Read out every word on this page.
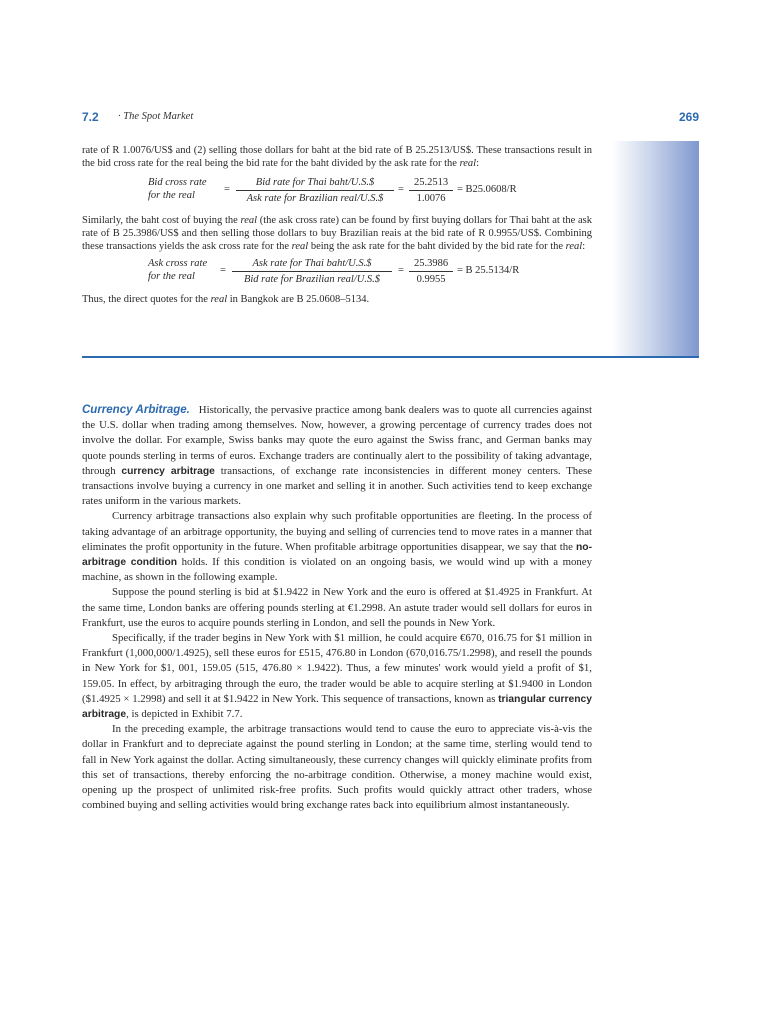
7.2 · The Spot Market	269

rate of R 1.0076/US$ and (2) selling those dollars for baht at the bid rate of B 25.2513/US$. These transactions result in the bid cross rate for the real being the bid rate for the baht divided by the ask rate for the real:

Bid cross rate
for the real
=
Bid rate for Thai baht/U.S.$
Ask rate for Brazilian real/U.S.$
= $\frac{25.2513}{1.0076} = B25.0608/R$

Similarly, the baht cost of buying the real (the ask cross rate) can be found by first buying dollars for Thai baht at the ask rate of B 25.3986/US$ and then selling those dollars to buy Brazilian reais at the bid rate of R 0.9955/US$. Combining these transactions yields the ask cross rate for the real being the ask rate for the baht divided by the bid rate for the real:

Ask cross rate
for the real
=
Ask rate for Thai baht/U.S.$
Bid rate for Brazilian real/U.S.$
= $\frac{25.3986}{0.9955} = B$ 25.5134/R

Thus, the direct quotes for the real in Bangkok are B 25.0608–5134.

Currency Arbitrage. Historically, the pervasive practice among bank dealers was to quote all currencies against the U.S. dollar when trading among themselves. Now, however, a growing percentage of currency trades does not involve the dollar. For example, Swiss banks may quote the euro against the Swiss franc, and German banks may quote pounds sterling in terms of euros. Exchange traders are continually alert to the possibility of taking advantage, through currency arbitrage transactions, of exchange rate inconsistencies in different money centers. These transactions involve buying a currency in one market and selling it in another. Such activities tend to keep exchange rates uniform in the various markets.

Currency arbitrage transactions also explain why such profitable opportunities are fleeting. In the process of taking advantage of an arbitrage opportunity, the buying and selling of currencies tend to move rates in a manner that eliminates the profit opportunity in the future. When profitable arbitrage opportunities disappear, we say that the no-arbitrage condition holds. If this condition is violated on an ongoing basis, we would wind up with a money machine, as shown in the following example.

Suppose the pound sterling is bid at $1.9422 in New York and the euro is offered at $1.4925 in Frankfurt. At the same time, London banks are offering pounds sterling at €1.2998. An astute trader would sell dollars for euros in Frankfurt, use the euros to acquire pounds sterling in London, and sell the pounds in New York.

Specifically, if the trader begins in New York with $1 million, he could acquire €670, 016.75 for $1 million in Frankfurt (1,000,000/1.4925), sell these euros for £515, 476.80 in London (670,016.75/1.2998), and resell the pounds in New York for $1, 001, 159.05 (515, 476.80 × 1.9422). Thus, a few minutes' work would yield a profit of $1, 159.05. In effect, by arbitraging through the euro, the trader would be able to acquire sterling at $1.9400 in London ($1.4925 × 1.2998) and sell it at $1.9422 in New York. This sequence of transactions, known as triangular currency arbitrage, is depicted in Exhibit 7.7.

In the preceding example, the arbitrage transactions would tend to cause the euro to appreciate vis-à-vis the dollar in Frankfurt and to depreciate against the pound sterling in London; at the same time, sterling would tend to fall in New York against the dollar. Acting simultaneously, these currency changes will quickly eliminate profits from this set of transactions, thereby enforcing the no-arbitrage condition. Otherwise, a money machine would exist, opening up the prospect of unlimited risk-free profits. Such profits would quickly attract other traders, whose combined buying and selling activities would bring exchange rates back into equilibrium almost instantaneously.
